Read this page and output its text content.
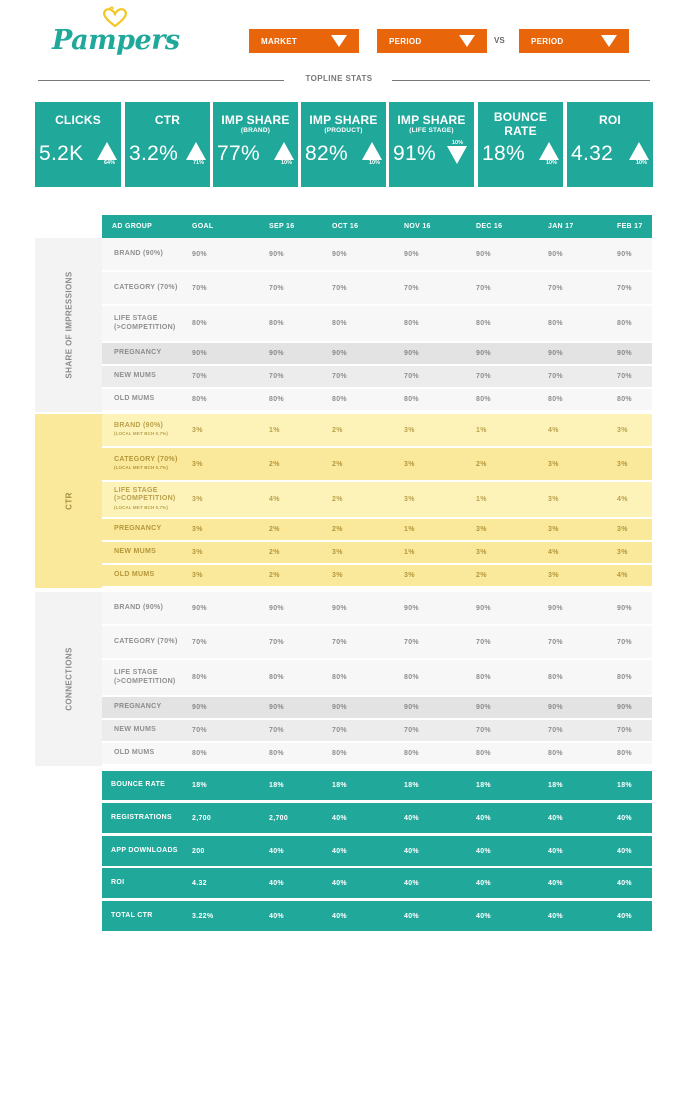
Pampers	MARKET	PERIOD	VS	PERIOD
TOPLINE STATS
CLICKS
5.2K	64%
CTR
3.2%	71%
IMP SHARE
(BRAND)
77%	10%
IMP SHARE
(PRODUCT)
82%	10%
IMP SHARE
(LIFE STAGE)
91%	10%
BOUNCE
RATE
18%	10%
ROI
4.32	10%
AD GROUP	GOAL	SEP 16	OCT 16	NOV 16	DEC 16	JAN 17	FEB 17
SHARE OF IMPRESSIONS
BRAND (90%)	90%	90%	90%	90%	90%	90%	90%
CATEGORY (70%) 70%	70%	70%	70%	70%	70%	70%
LIFE STAGE (>COMPETITION)	80%	80%	80%	80%	80%	80%	80%
PREGNANCY	90%	90%	90%	90%	90%	90%	90%
NEW MUMS	70%	70%	70%	70%	70%	70%	70%
OLD MUMS	80%	80%	80%	80%	80%	80%	80%
CTR
BRAND (90%)
(LOCAL MKT BCH 0.7%)	3%	1%	2%	3%	1%	4%	3%
CATEGORY (70%)
(LOCAL MKT BCH 0.7%)	3%	2%	2%	3%	2%	3%	3%
LIFE STAGE (>COMPETITION)
(LOCAL MKT BCH 0.7%)
3%	4%	2%	3%	1%	3%	4%
PREGNANCY	3%	2%	2%	1%	3%	3%	3%
NEW MUMS	3%	2%	3%	1%	3%	4%	3%
OLD MUMS	3%	2%	3%	3%	2%	3%	4%
CONNECTIONS
BRAND (90%)	90%	90%	90%	90%	90%	90%	90%
CATEGORY (70%) 70%	70%	70%	70%	70%	70%	70%
LIFE STAGE (>COMPETITION)	80%	80%	80%	80%	80%	80%	80%
PREGNANCY	90%	90%	90%	90%	90%	90%	90%
NEW MUMS	70%	70%	70%	70%	70%	70%	70%
OLD MUMS	80%	80%	80%	80%	80%	80%	80%
BOUNCE RATE	18%	18%	18%	18%	18%	18%	18%
REGISTRATIONS	2,700	2,700	40%	40%	40%	40%	40%
APP DOWNLOADS	200	40%	40%	40%	40%	40%	40%
ROI	4.32	40%	40%	40%	40%	40%	40%
TOTAL CTR	3.22%	40%	40%	40%	40%	40%	40%
